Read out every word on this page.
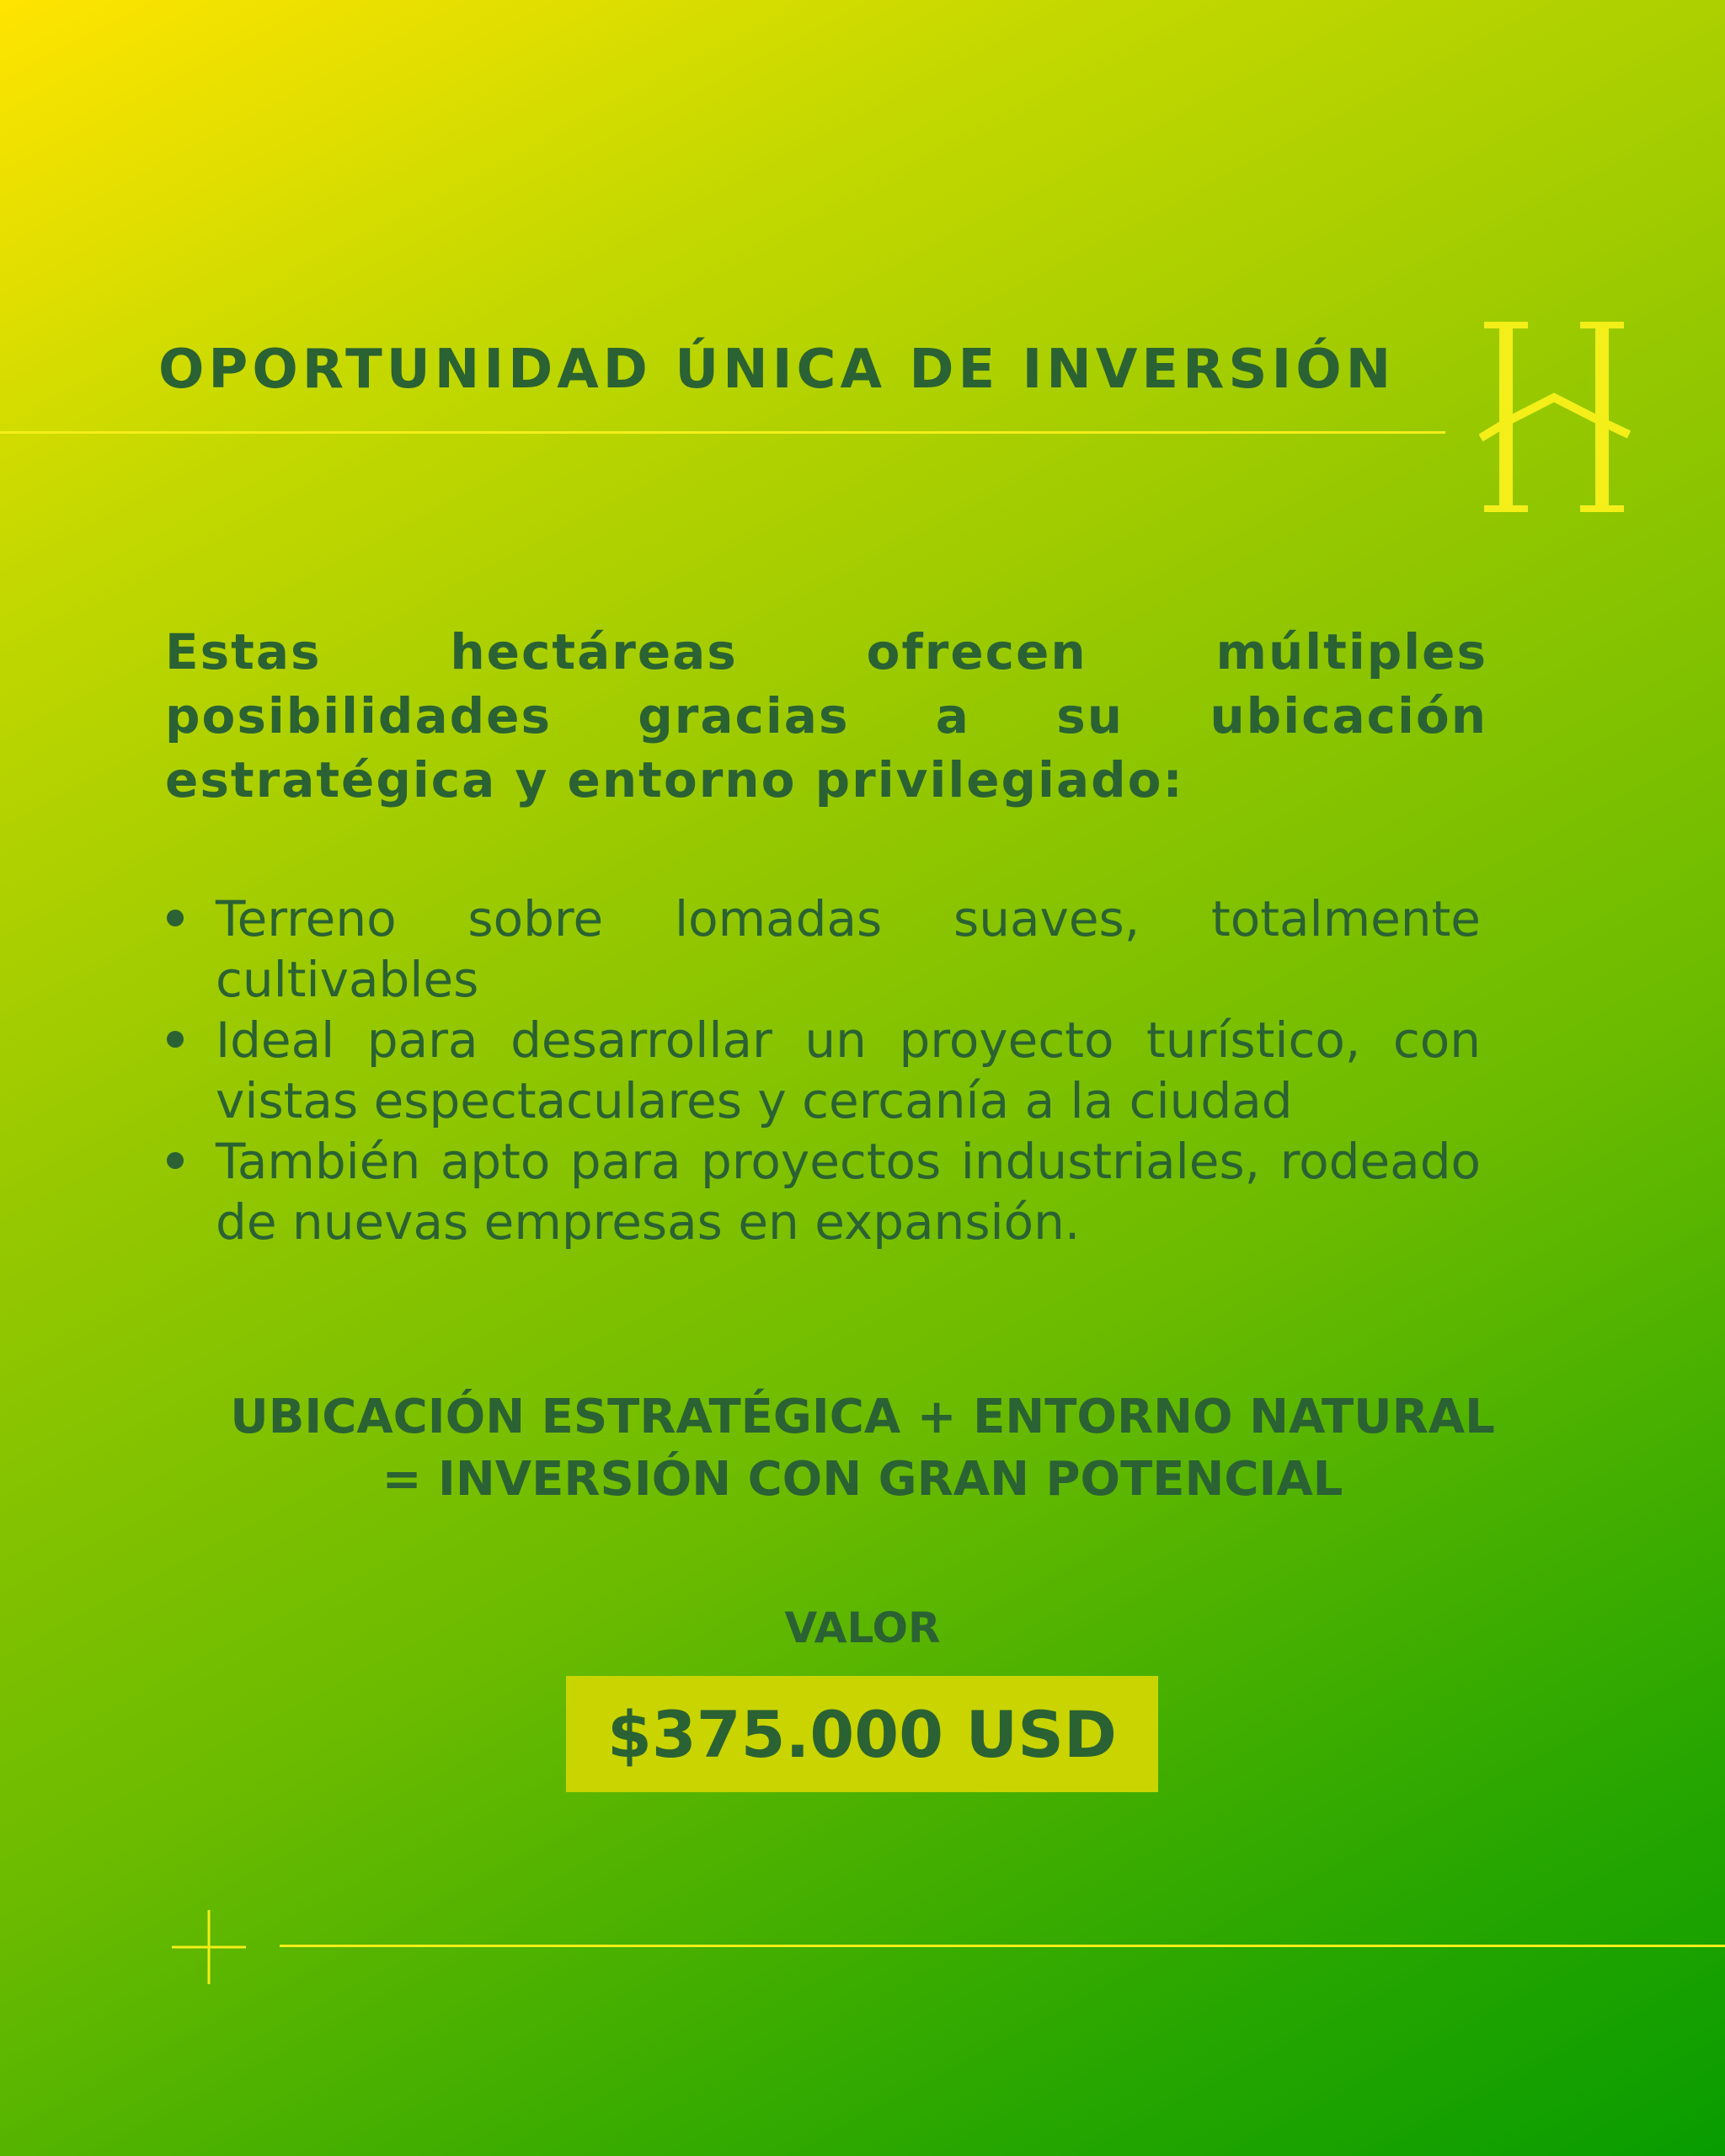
OPORTUNIDAD ÚNICA DE INVERSIÓN

Estas hectáreas ofrecen múltiples posibilidades gracias a su ubicación estratégica y entorno privilegiado:

Terreno sobre lomadas suaves, totalmente cultivables
Ideal para desarrollar un proyecto turístico, con vistas espectaculares y cercanía a la ciudad
También apto para proyectos industriales, rodeado de nuevas empresas en expansión.

UBICACIÓN ESTRATÉGICA + ENTORNO NATURAL
= INVERSIÓN CON GRAN POTENCIAL

VALOR

$375.000 USD
